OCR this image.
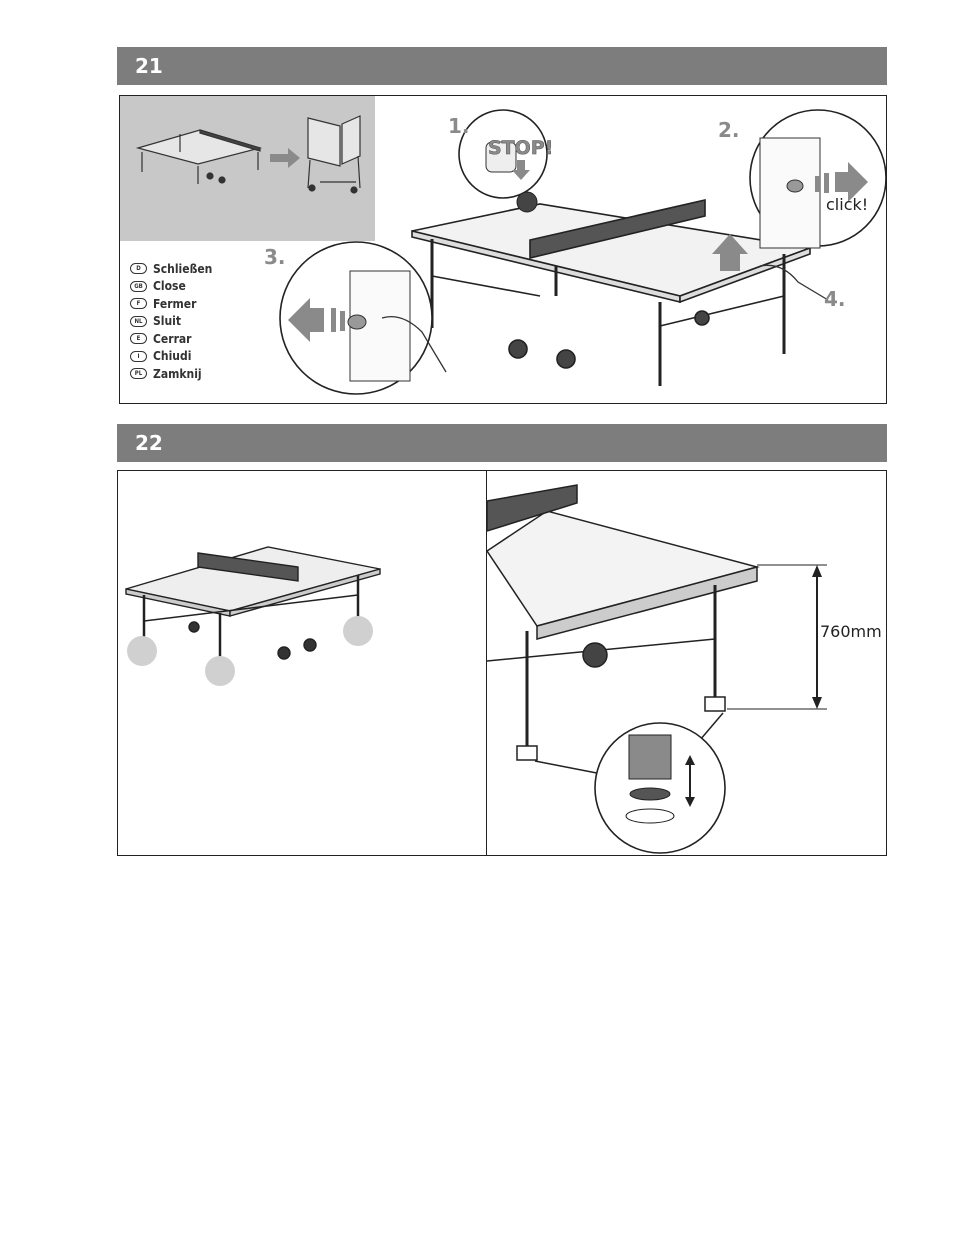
21
1.
STOP!
2.
click!
3.
4.
D	Schließen
GB Close
F	Fermer
NL Sluit
E	Cerrar
I	Chiudi
PL Zamknij
22
760mm
